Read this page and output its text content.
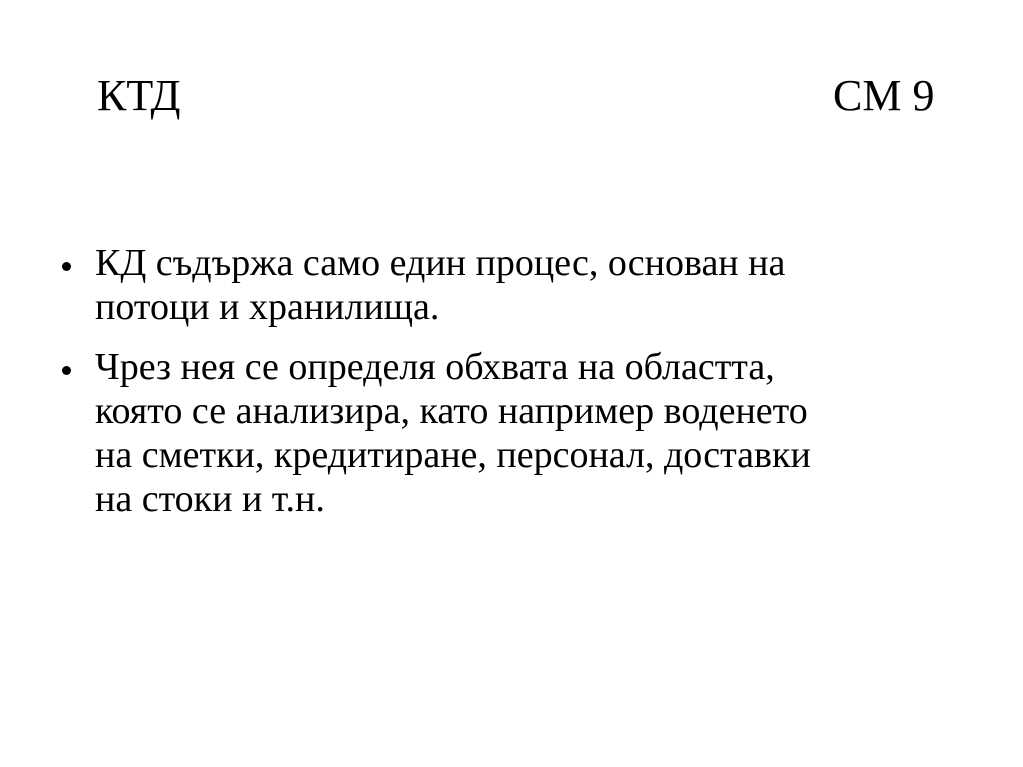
КТД	СМ 9
КД съдържа само един процес, основан на
потоци и хранилища.
Чрез нея се определя обхвата на областта,
която се анализира, като например воденето
на сметки, кредитиране, персонал, доставки
на стоки и т.н.
